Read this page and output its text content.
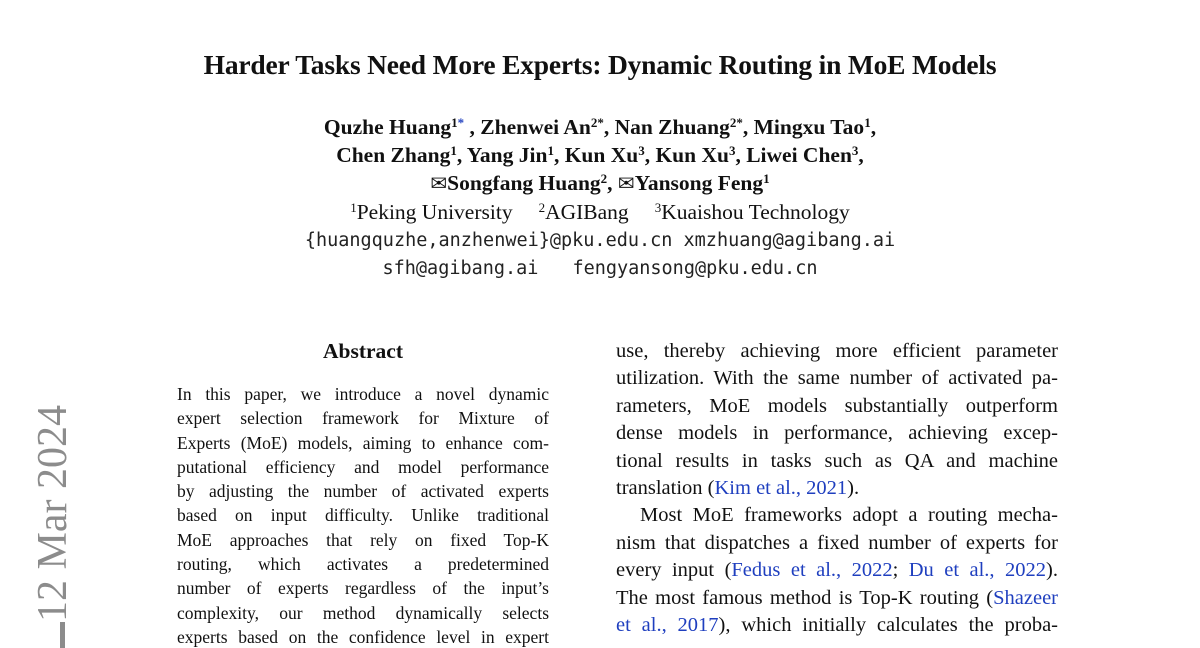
Harder Tasks Need More Experts: Dynamic Routing in MoE Models
Quzhe Huang$^{1*}$ , Zhenwei $An^{2*}$, Nan Zhuang$^{2*}$, Mingxu Tao$^1$,
Chen Zhang$^1$, Yang Jin$^1$, Kun Xu$^3$, Kun Xu$^3$, Liwei Chen$^3$,
✉Songfang Huang$^2$, ✉Yansong Feng$^1$
$^1$Peking University $^2$AGIBang $^3$Kuaishou Technology
{huangquzhe,anzhenwei}@pku.edu.cn xmzhuang@agibang.ai
sfh@agibang.ai fengyansong@pku.edu.cn
12 Mar 2024
Abstract
In this paper, we introduce a novel dynamic
expert selection framework for Mixture of
Experts (MoE) models, aiming to enhance com-
putational efficiency and model performance
by adjusting the number of activated experts
based on input difficulty. Unlike traditional
MoE approaches that rely on fixed Top-K
routing, which activates a predetermined
number of experts regardless of the input’s
complexity, our method dynamically selects
experts based on the confidence level in expert
use, thereby achieving more efficient parameter
utilization. With the same number of activated pa-
rameters, MoE models substantially outperform
dense models in performance, achieving excep-
tional results in tasks such as QA and machine
translation (Kim et al., 2021).
Most MoE frameworks adopt a routing mecha-
nism that dispatches a fixed number of experts for
every input (Fedus et al., 2022; Du et al., 2022).
The most famous method is Top-K routing (Shazeer
et al., 2017), which initially calculates the proba-
